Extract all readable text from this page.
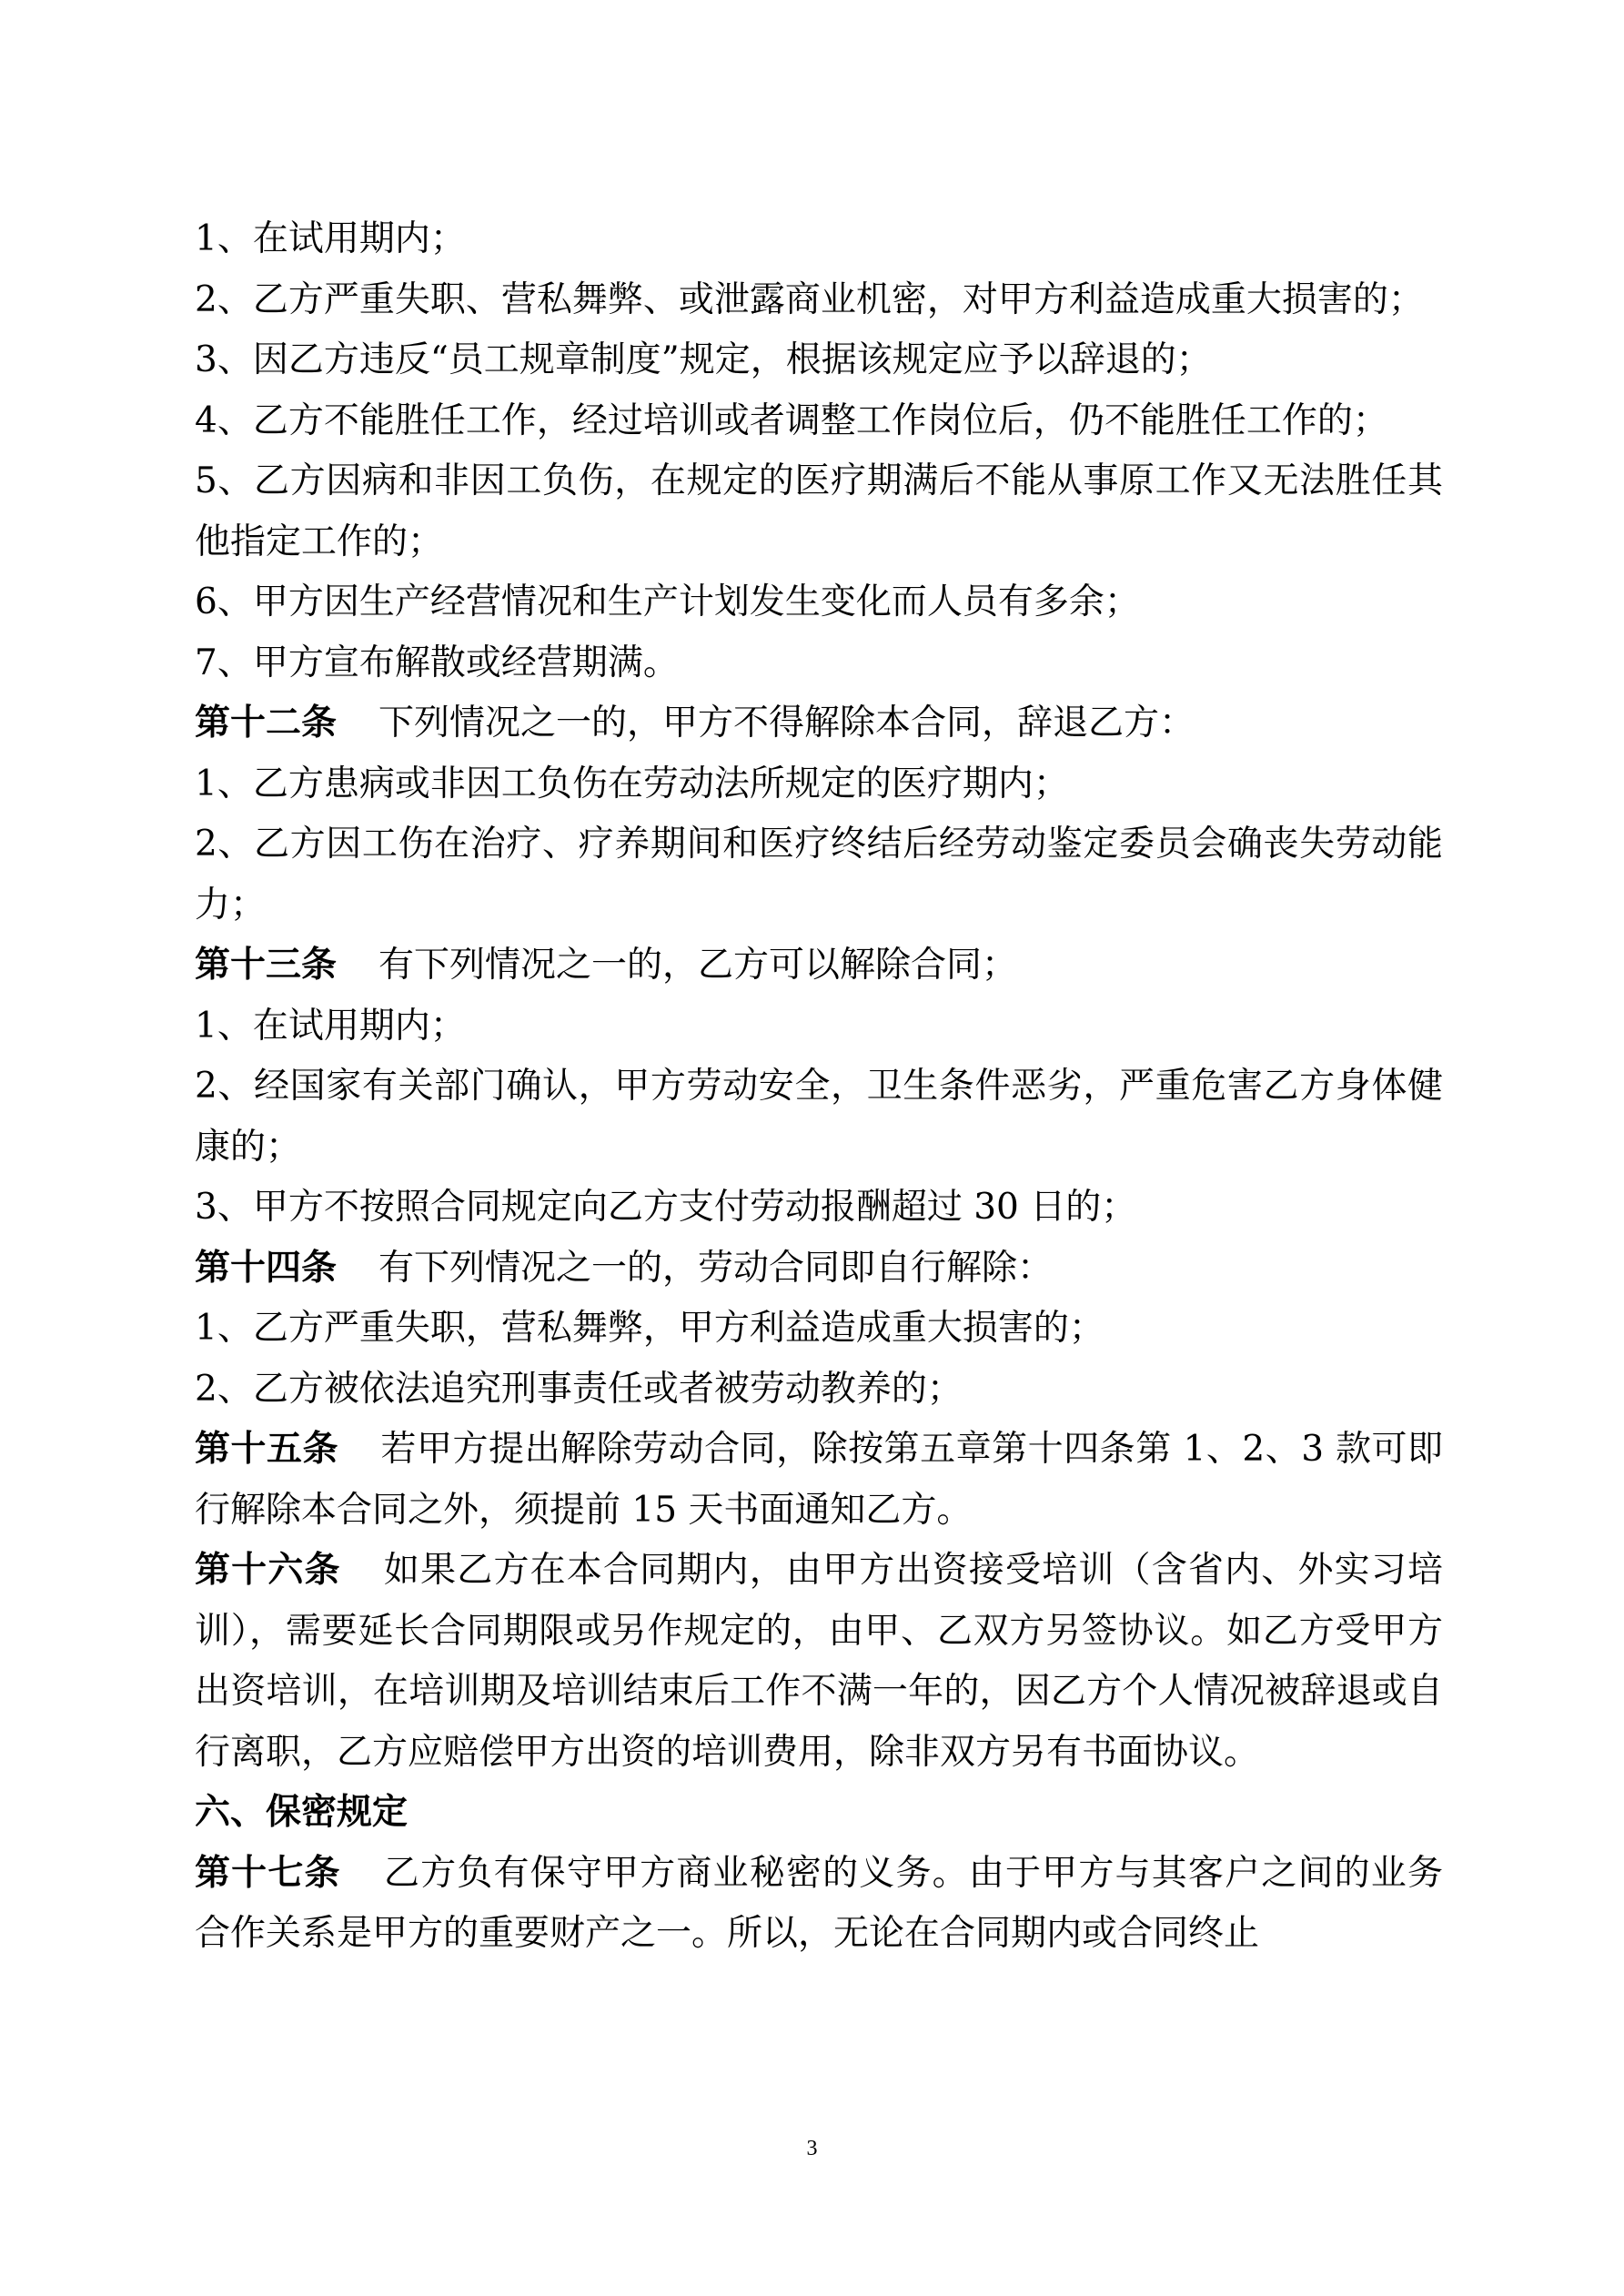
1、在试用期内；

2、乙方严重失职、营私舞弊、或泄露商业机密，对甲方利益造成重大损害的；

3、因乙方违反“员工规章制度”规定，根据该规定应予以辞退的；

4、乙方不能胜任工作，经过培训或者调整工作岗位后，仍不能胜任工作的；

5、乙方因病和非因工负伤，在规定的医疗期满后不能从事原工作又无法胜任其他指定工作的；

6、甲方因生产经营情况和生产计划发生变化而人员有多余；

7、甲方宣布解散或经营期满。

第十二条 下列情况之一的，甲方不得解除本合同，辞退乙方：

1、乙方患病或非因工负伤在劳动法所规定的医疗期内；

2、乙方因工伤在治疗、疗养期间和医疗终结后经劳动鉴定委员会确丧失劳动能力；

第十三条 有下列情况之一的，乙方可以解除合同；

1、在试用期内；

2、经国家有关部门确认，甲方劳动安全，卫生条件恶劣，严重危害乙方身体健康的；

3、甲方不按照合同规定向乙方支付劳动报酬超过 30 日的；

第十四条 有下列情况之一的，劳动合同即自行解除：

1、乙方严重失职，营私舞弊，甲方利益造成重大损害的；

2、乙方被依法追究刑事责任或者被劳动教养的；

第十五条 若甲方提出解除劳动合同，除按第五章第十四条第 1、2、3 款可即行解除本合同之外，须提前 15 天书面通知乙方。

第十六条 如果乙方在本合同期内，由甲方出资接受培训（含省内、外实习培训），需要延长合同期限或另作规定的，由甲、乙双方另签协议。如乙方受甲方出资培训，在培训期及培训结束后工作不满一年的，因乙方个人情况被辞退或自行离职，乙方应赔偿甲方出资的培训费用，除非双方另有书面协议。

六、保密规定

第十七条 乙方负有保守甲方商业秘密的义务。由于甲方与其客户之间的业务合作关系是甲方的重要财产之一。所以，无论在合同期内或合同终止

3
